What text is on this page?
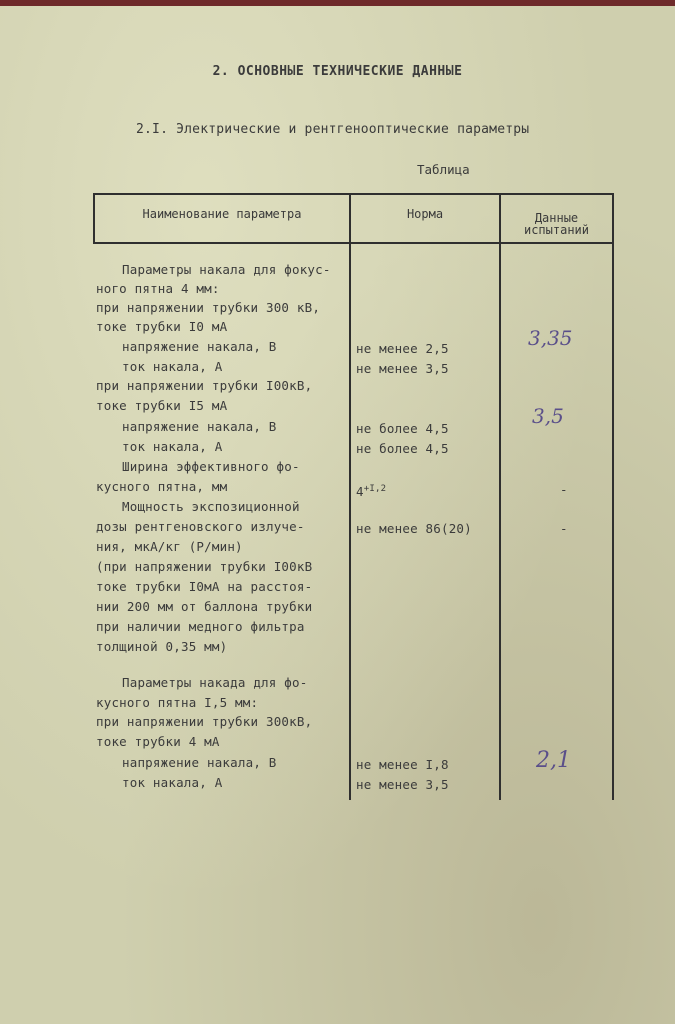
2. ОСНОВНЫЕ ТЕХНИЧЕСКИЕ ДАННЫЕ
2.I. Электрические и рентгенооптические параметры
Таблица
Наименование параметра	Норма	Данные
испытаний
Параметры накала для фокус-
ного пятна 4 мм:
при напряжении трубки 300 кВ,
токе трубки I0 мА
напряжение накала, В
ток накала, А
при напряжении трубки I00кВ,
токе трубки I5 мА
напряжение накала, В
ток накала, А
Ширина эффективного фо-
кусного пятна, мм
Мощность экспозиционной
дозы рентгеновского излуче-
ния, мкА/кг (Р/мин)
(при напряжении трубки I00кВ
токе трубки I0мА на расстоя-
нии 200 мм от баллона трубки
при наличии медного фильтра
толщиной 0,35 мм)
Параметры накада для фо-
кусного пятна I,5 мм:
при напряжении трубки 300кВ,
токе трубки 4 мА
напряжение накала, В
ток накала, А
не менее 2,5
не менее 3,5
не более 4,5
не более 4,5
$4^{+I,2}$
не менее 86(20)
не менее I,8
не менее 3,5
3,35
3,5
-
-
2,1
